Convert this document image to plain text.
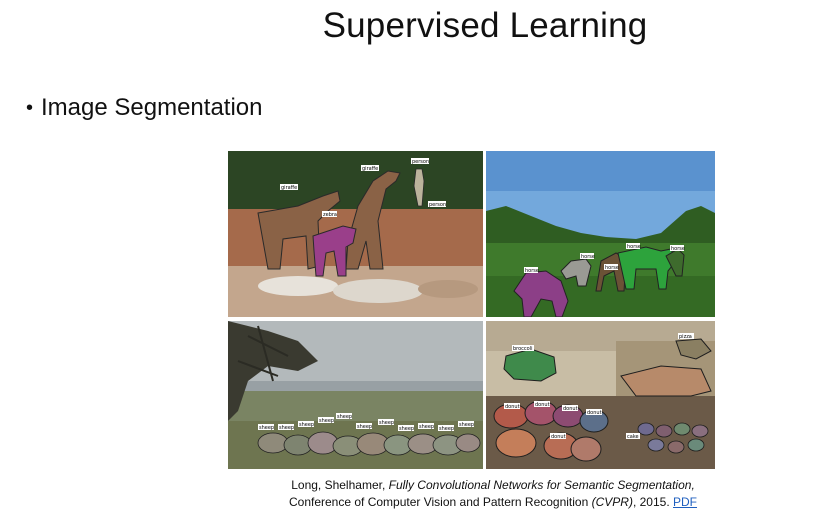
Supervised Learning
• Image Segmentation
giraffe
giraffe
person
zebra
person
horse
horse
horse
horse	horse
sheep sheep sheep
sheep
sheep
sheep
sheep
sheep sheep sheep
sheep
broccoli
pizza
donut	donut
donut
donut
cake
donut
Long, Shelhamer, Fully Convolutional Networks for Semantic Segmentation,
Conference of Computer Vision and Pattern Recognition (CVPR), 2015. PDF
